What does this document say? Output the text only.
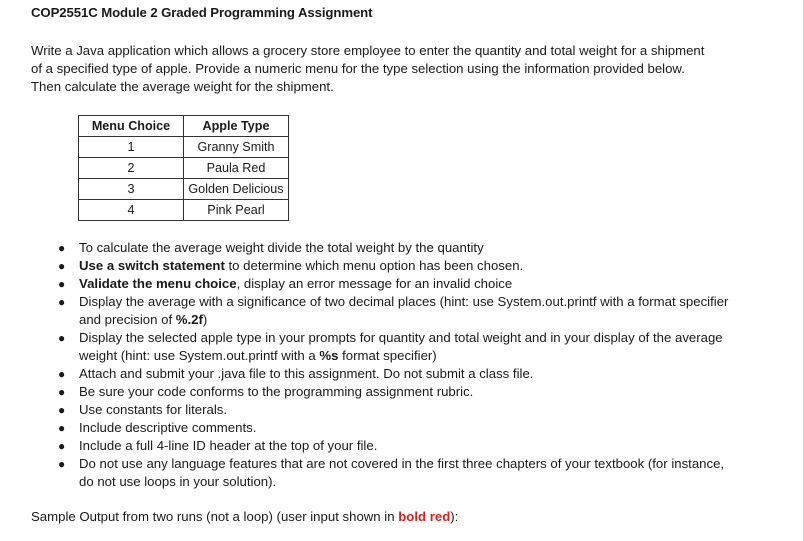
COP2551C Module 2 Graded Programming Assignment
Write a Java application which allows a grocery store employee to enter the quantity and total weight for a shipment
of a specified type of apple. Provide a numeric menu for the type selection using the information provided below.
Then calculate the average weight for the shipment.
Menu Choice	Apple Type
1	Granny Smith
2	Paula Red
3	Golden Delicious
4	Pink Pearl
● To calculate the average weight divide the total weight by the quantity
● Use a switch statement to determine which menu option has been chosen.
● Validate the menu choice, display an error message for an invalid choice
● Display the average with a significance of two decimal places (hint: use System.out.printf with a format specifier
and precision of %.2f)
● Display the selected apple type in your prompts for quantity and total weight and in your display of the average
weight (hint: use System.out.printf with a %s format specifier)
● Attach and submit your .java file to this assignment. Do not submit a class file.
● Be sure your code conforms to the programming assignment rubric.
● Use constants for literals.
● Include descriptive comments.
● Include a full 4-line ID header at the top of your file.
● Do not use any language features that are not covered in the first three chapters of your textbook (for instance,
do not use loops in your solution).
Sample Output from two runs (not a loop) (user input shown in bold red):
